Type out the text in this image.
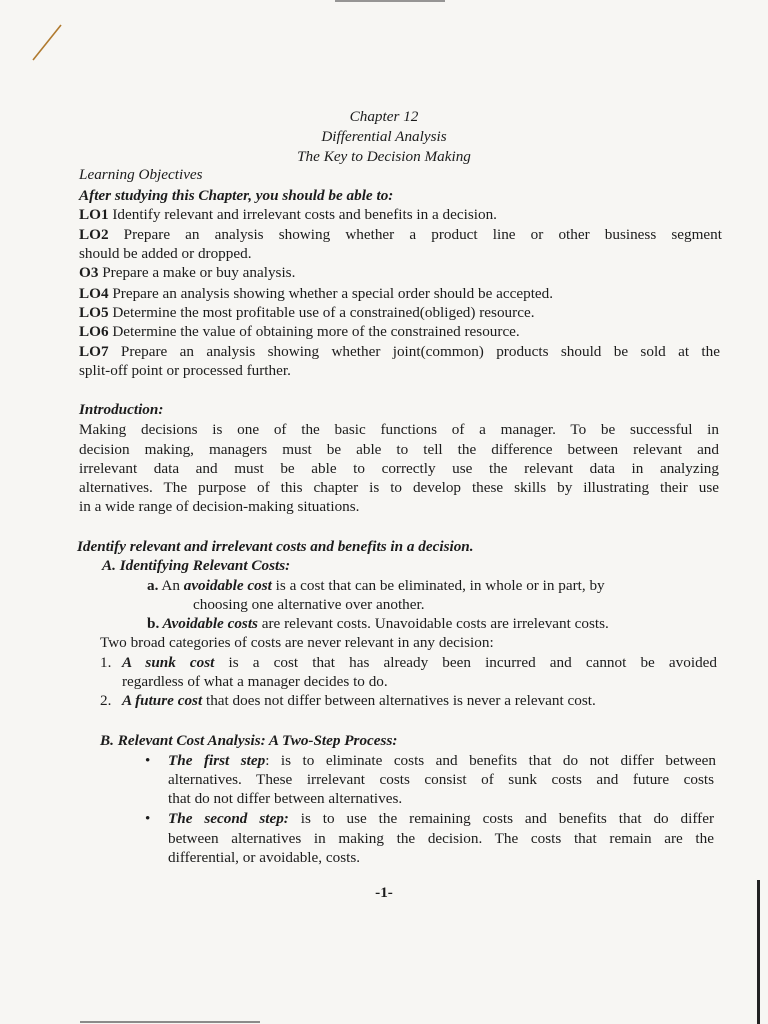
Chapter 12
Differential Analysis
The Key to Decision Making
Learning Objectives
After studying this Chapter, you should be able to:
LO1 Identify relevant and irrelevant costs and benefits in a decision.
LO2 Prepare an analysis showing whether a product line or other business segment
should be added or dropped.
O3 Prepare a make or buy analysis.
LO4 Prepare an analysis showing whether a special order should be accepted.
LO5 Determine the most profitable use of a constrained(obliged) resource.
LO6 Determine the value of obtaining more of the constrained resource.
LO7 Prepare an analysis showing whether joint(common) products should be sold at the
split-off point or processed further.
Introduction:
Making decisions is one of the basic functions of a manager. To be successful in
decision making, managers must be able to tell the difference between relevant and
irrelevant data and must be able to correctly use the relevant data in analyzing
alternatives. The purpose of this chapter is to develop these skills by illustrating their use
in a wide range of decision-making situations.
Identify relevant and irrelevant costs and benefits in a decision.
A. Identifying Relevant Costs:
a. An avoidable cost is a cost that can be eliminated, in whole or in part, by
choosing one alternative over another.
b. Avoidable costs are relevant costs. Unavoidable costs are irrelevant costs.
Two broad categories of costs are never relevant in any decision:
1. A sunk cost is a cost that has already been incurred and cannot be avoided
regardless of what a manager decides to do.
2. A future cost that does not differ between alternatives is never a relevant cost.
B. Relevant Cost Analysis: A Two-Step Process:
• The first step: is to eliminate costs and benefits that do not differ between
alternatives. These irrelevant costs consist of sunk costs and future costs
that do not differ between alternatives.
• The second step: is to use the remaining costs and benefits that do differ
between alternatives in making the decision. The costs that remain are the
differential, or avoidable, costs.
-1-
